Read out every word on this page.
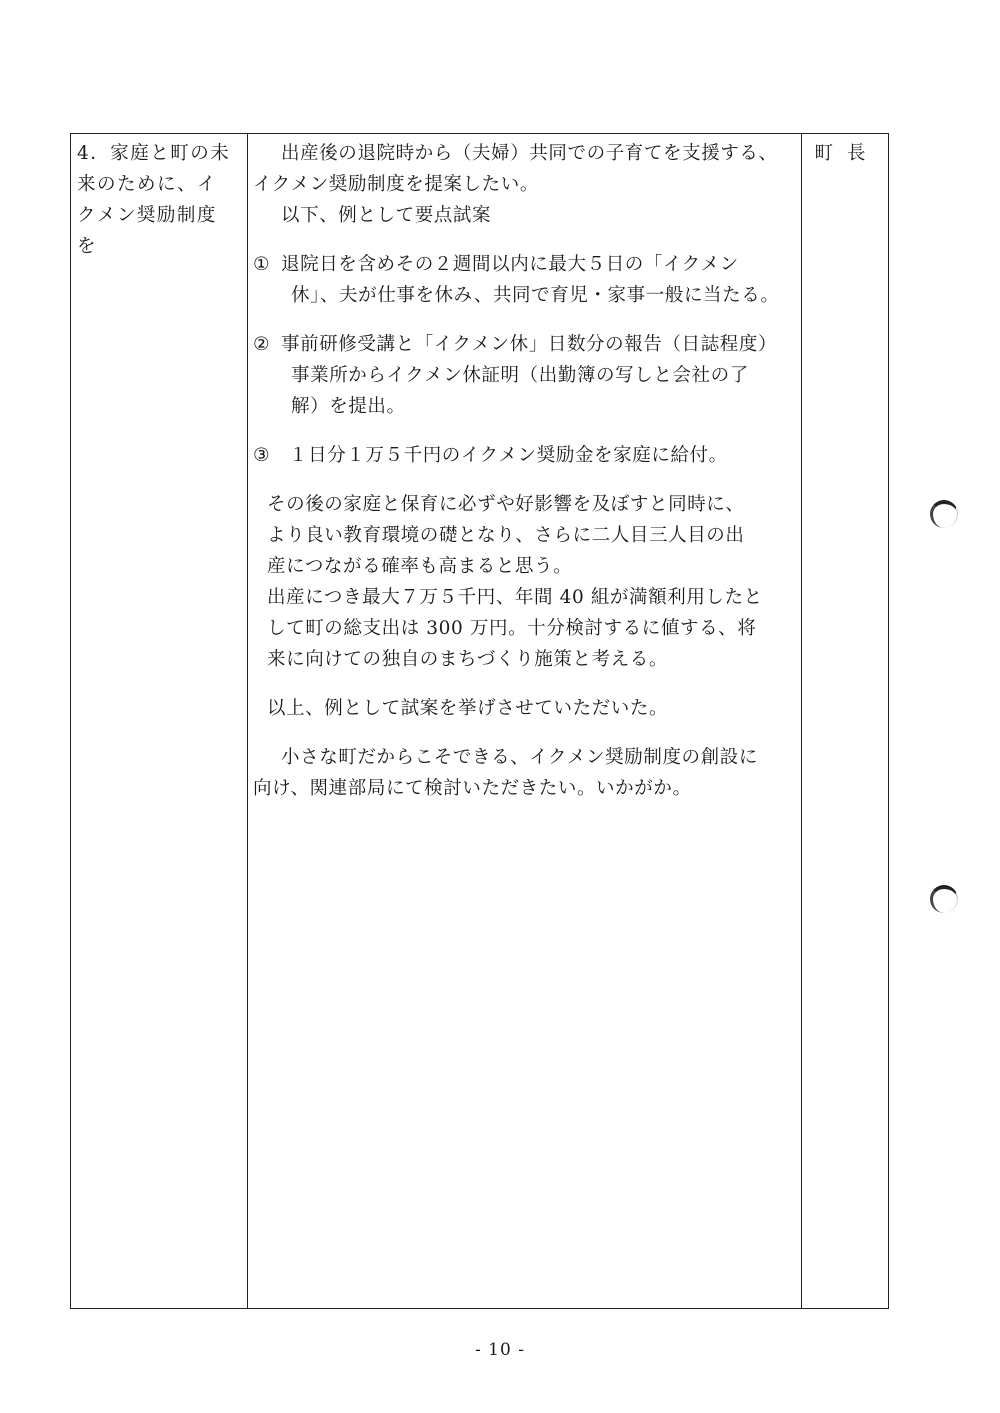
4．家庭と町の未
来のために、イ
クメン奨励制度
を
出産後の退院時から（夫婦）共同での子育てを支援する、
イクメン奨励制度を提案したい。
以下、例として要点試案
① 退院日を含めその２週間以内に最大５日の「イクメン
休」、夫が仕事を休み、共同で育児・家事一般に当たる。
② 事前研修受講と「イクメン休」日数分の報告（日誌程度）
事業所からイクメン休証明（出勤簿の写しと会社の了
解）を提出。
③	１日分１万５千円のイクメン奨励金を家庭に給付。
その後の家庭と保育に必ずや好影響を及ぼすと同時に、
より良い教育環境の礎となり、さらに二人目三人目の出
産につながる確率も高まると思う。
出産につき最大７万５千円、年間 40 組が満額利用したと
して町の総支出は 300 万円。十分検討するに値する、将
来に向けての独自のまちづくり施策と考える。
以上、例として試案を挙げさせていただいた。
小さな町だからこそできる、イクメン奨励制度の創設に
向け、関連部局にて検討いただきたい。いかがか。
町長
- 10 -
